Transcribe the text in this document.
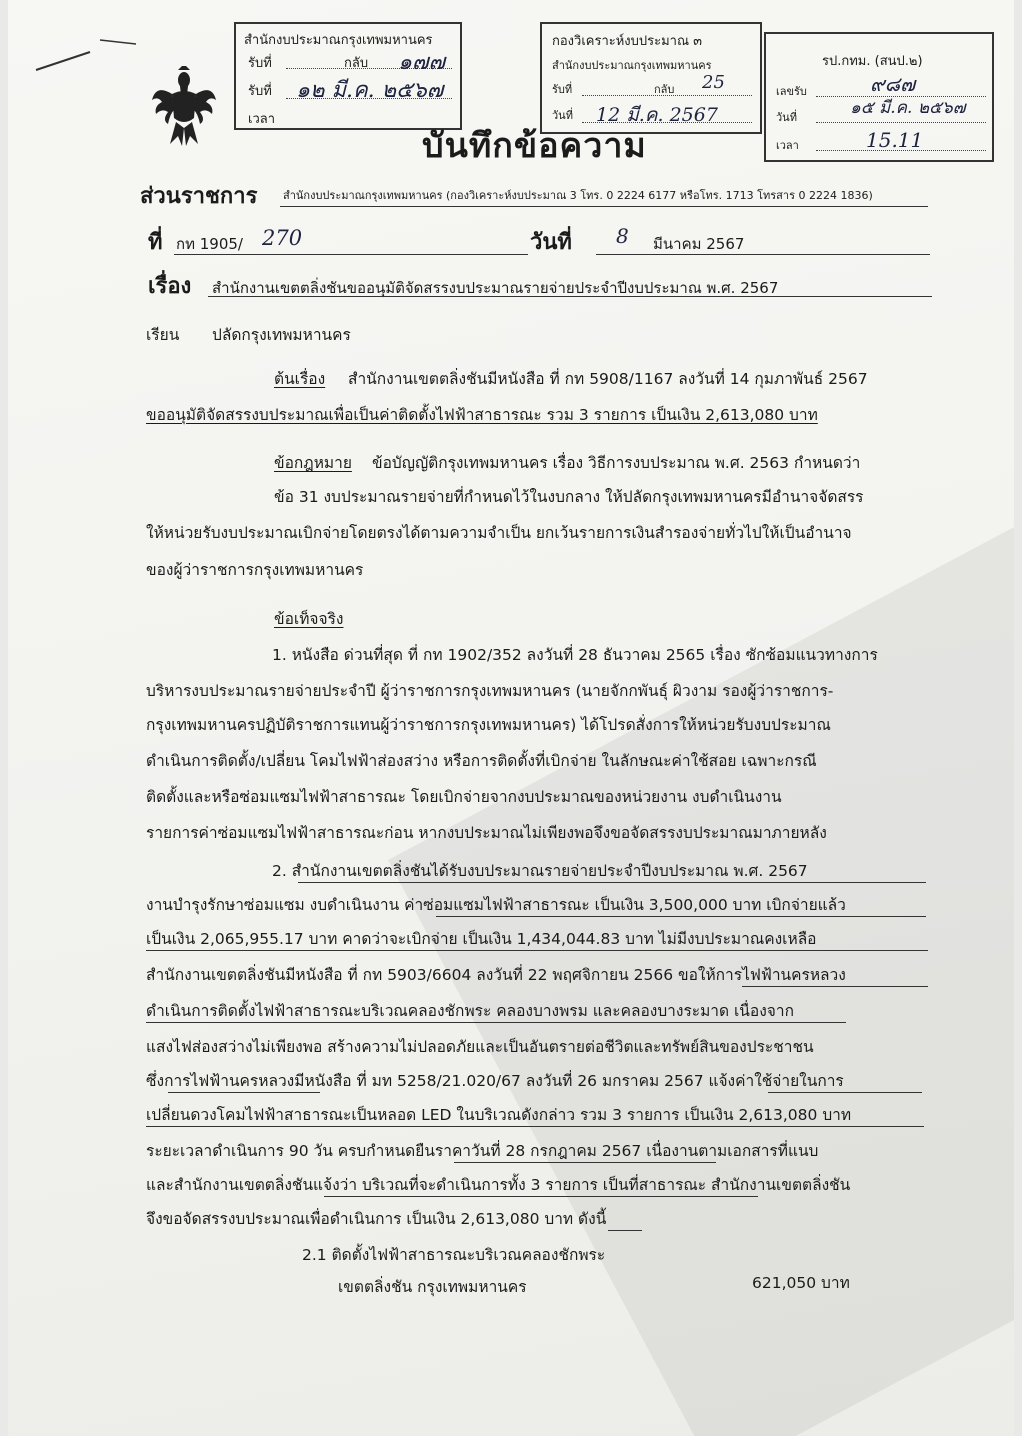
สำนักงบประมาณกรุงเทพมหานคร
รับที่	กลับ ๑๗๗
รับที่ ๑๒ มี.ค. ๒๕๖๗
เวลา
กองวิเคราะห์งบประมาณ ๓
สำนักงบประมาณกรุงเทพมหานคร
รับที่	กลับ 25
วันที่ 12 มี.ค. 2567
รป.กทม. (สนป.๒)
เลขรับ	๙๘๗
วันที่	๑๕ มี.ค. ๒๕๖๗
เวลา	15.11
บันทึกข้อความ
ส่วนราชการ สำนักงบประมาณกรุงเทพมหานคร (กองวิเคราะห์งบประมาณ 3 โทร. 0 2224 6177 หรือโทร. 1713 โทรสาร 0 2224 1836)
ที่ กท 1905/ 270	วันที่ 8 มีนาคม 2567
เรื่อง สำนักงานเขตตลิ่งชันขออนุมัติจัดสรรงบประมาณรายจ่ายประจำปีงบประมาณ พ.ศ. 2567
เรียน ปลัดกรุงเทพมหานคร
ต้นเรื่อง สำนักงานเขตตลิ่งชันมีหนังสือ ที่ กท 5908/1167 ลงวันที่ 14 กุมภาพันธ์ 2567
ขออนุมัติจัดสรรงบประมาณเพื่อเป็นค่าติดตั้งไฟฟ้าสาธารณะ รวม 3 รายการ เป็นเงิน 2,613,080 บาท
ข้อกฎหมาย ข้อบัญญัติกรุงเทพมหานคร เรื่อง วิธีการงบประมาณ พ.ศ. 2563 กำหนดว่า
ข้อ 31 งบประมาณรายจ่ายที่กำหนดไว้ในงบกลาง ให้ปลัดกรุงเทพมหานครมีอำนาจจัดสรร
ให้หน่วยรับงบประมาณเบิกจ่ายโดยตรงได้ตามความจำเป็น ยกเว้นรายการเงินสำรองจ่ายทั่วไปให้เป็นอำนาจ
ของผู้ว่าราชการกรุงเทพมหานคร
ข้อเท็จจริง
1. หนังสือ ด่วนที่สุด ที่ กท 1902/352 ลงวันที่ 28 ธันวาคม 2565 เรื่อง ซักซ้อมแนวทางการ
บริหารงบประมาณรายจ่ายประจำปี ผู้ว่าราชการกรุงเทพมหานคร (นายจักกพันธุ์ ผิวงาม รองผู้ว่าราชการ-
กรุงเทพมหานครปฏิบัติราชการแทนผู้ว่าราชการกรุงเทพมหานคร) ได้โปรดสั่งการให้หน่วยรับงบประมาณ
ดำเนินการติดตั้ง/เปลี่ยน โคมไฟฟ้าส่องสว่าง หรือการติดตั้งที่เบิกจ่าย ในลักษณะค่าใช้สอย เฉพาะกรณี
ติดตั้งและหรือซ่อมแซมไฟฟ้าสาธารณะ โดยเบิกจ่ายจากงบประมาณของหน่วยงาน งบดำเนินงาน
รายการค่าซ่อมแซมไฟฟ้าสาธารณะก่อน หากงบประมาณไม่เพียงพอจึงขอจัดสรรงบประมาณมาภายหลัง
2. สำนักงานเขตตลิ่งชันได้รับงบประมาณรายจ่ายประจำปีงบประมาณ พ.ศ. 2567
งานบำรุงรักษาซ่อมแซม งบดำเนินงาน ค่าซ่อมแซมไฟฟ้าสาธารณะ เป็นเงิน 3,500,000 บาท เบิกจ่ายแล้ว
เป็นเงิน 2,065,955.17 บาท คาดว่าจะเบิกจ่าย เป็นเงิน 1,434,044.83 บาท ไม่มีงบประมาณคงเหลือ
สำนักงานเขตตลิ่งชันมีหนังสือ ที่ กท 5903/6604 ลงวันที่ 22 พฤศจิกายน 2566 ขอให้การไฟฟ้านครหลวง
ดำเนินการติดตั้งไฟฟ้าสาธารณะบริเวณคลองชักพระ คลองบางพรม และคลองบางระมาด เนื่องจาก
แสงไฟส่องสว่างไม่เพียงพอ สร้างความไม่ปลอดภัยและเป็นอันตรายต่อชีวิตและทรัพย์สินของประชาชน
ซึ่งการไฟฟ้านครหลวงมีหนังสือ ที่ มท 5258/21.020/67 ลงวันที่ 26 มกราคม 2567 แจ้งค่าใช้จ่ายในการ
เปลี่ยนดวงโคมไฟฟ้าสาธารณะเป็นหลอด LED ในบริเวณดังกล่าว รวม 3 รายการ เป็นเงิน 2,613,080 บาท
ระยะเวลาดำเนินการ 90 วัน ครบกำหนดยืนราคาวันที่ 28 กรกฎาคม 2567 เนื่องานตามเอกสารที่แนบ
และสำนักงานเขตตลิ่งชันแจ้งว่า บริเวณที่จะดำเนินการทั้ง 3 รายการ เป็นที่สาธารณะ สำนักงานเขตตลิ่งชัน
จึงขอจัดสรรงบประมาณเพื่อดำเนินการ เป็นเงิน 2,613,080 บาท ดังนี้
2.1 ติดตั้งไฟฟ้าสาธารณะบริเวณคลองชักพระ
เขตตลิ่งชัน กรุงเทพมหานคร	621,050 บาท
